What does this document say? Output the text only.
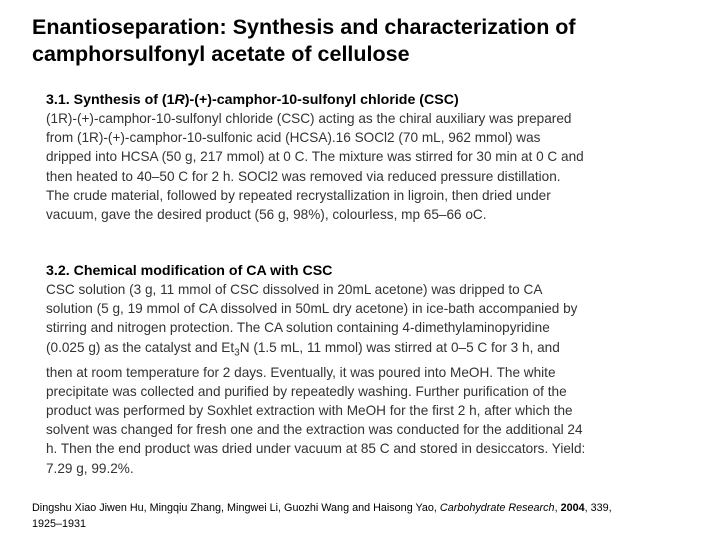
Enantioseparation: Synthesis and characterization of
camphorsulfonyl acetate of cellulose
3.1. Synthesis of (1R)-(+)-camphor-10-sulfonyl chloride (CSC)
(1R)-(+)-camphor-10-sulfonyl chloride (CSC) acting as the chiral auxiliary was prepared
from (1R)-(+)-camphor-10-sulfonic acid (HCSA).16 SOCl2 (70 mL, 962 mmol) was
dripped into HCSA (50 g, 217 mmol) at 0 C. The mixture was stirred for 30 min at 0 C and
then heated to 40–50 C for 2 h. SOCl2 was removed via reduced pressure distillation.
The crude material, followed by repeated recrystallization in ligroin, then dried under
vacuum, gave the desired product (56 g, 98%), colourless, mp 65–66 oC.
3.2. Chemical modification of CA with CSC
CSC solution (3 g, 11 mmol of CSC dissolved in 20mL acetone) was dripped to CA
solution (5 g, 19 mmol of CA dissolved in 50mL dry acetone) in ice-bath accompanied by
stirring and nitrogen protection. The CA solution containing 4-dimethylaminopyridine
(0.025 g) as the catalyst and $Et_3N$ (1.5 mL, 11 mmol) was stirred at 0–5 C for 3 h, and
then at room temperature for 2 days. Eventually, it was poured into MeOH. The white
precipitate was collected and purified by repeatedly washing. Further purification of the
product was performed by Soxhlet extraction with MeOH for the first 2 h, after which the
solvent was changed for fresh one and the extraction was conducted for the additional 24
h. Then the end product was dried under vacuum at 85 C and stored in desiccators. Yield:
7.29 g, 99.2%.

Dingshu Xiao Jiwen Hu, Mingqiu Zhang, Mingwei Li, Guozhi Wang and Haisong Yao, Carbohydrate Research, 2004, 339,
1925–1931
